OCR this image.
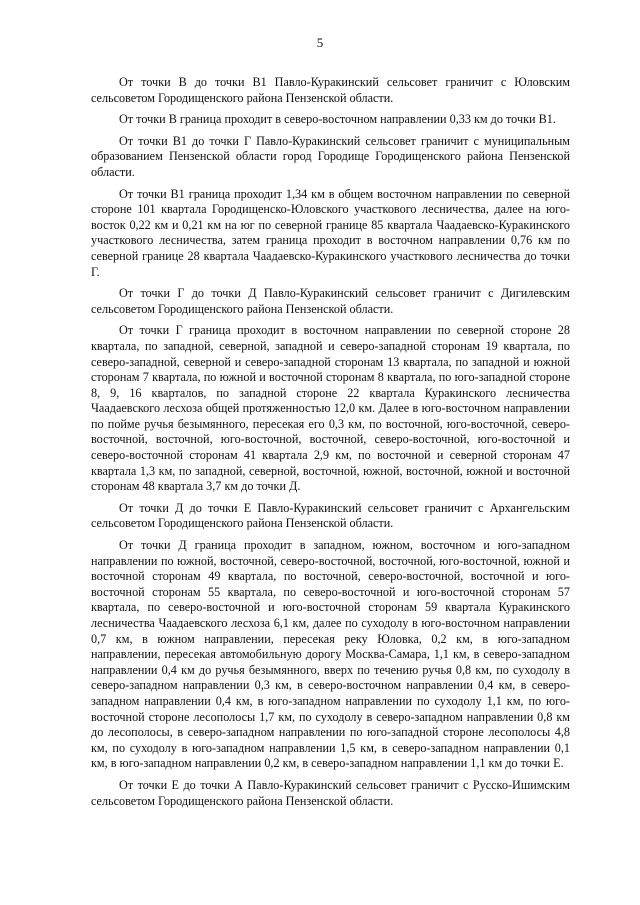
5

От точки В до точки В1 Павло-Куракинский сельсовет граничит с Юловским сельсоветом Городищенского района Пензенской области.

От точки В граница проходит в северо-восточном направлении 0,33 км до точки В1.

От точки В1 до точки Г Павло-Куракинский сельсовет граничит с муниципальным образованием Пензенской области город Городище Городищенского района Пензенской области.

От точки В1 граница проходит 1,34 км в общем восточном направлении по северной стороне 101 квартала Городищенско-Юловского участкового лесничества, далее на юго-восток 0,22 км и 0,21 км на юг по северной границе 85 квартала Чаадаевско-Куракинского участкового лесничества, затем граница проходит в восточном направлении 0,76 км по северной границе 28 квартала Чаадаевско-Куракинского участкового лесничества до точки Г.

От точки Г до точки Д Павло-Куракинский сельсовет граничит с Дигилевским сельсоветом Городищенского района Пензенской области.

От точки Г граница проходит в восточном направлении по северной стороне 28 квартала, по западной, северной, западной и северо-западной сторонам 19 квартала, по северо-западной, северной и северо-западной сторонам 13 квартала, по западной и южной сторонам 7 квартала, по южной и восточной сторонам 8 квартала, по юго-западной стороне 8, 9, 16 кварталов, по западной стороне 22 квартала Куракинского лесничества Чаадаевского лесхоза общей протяженностью 12,0 км. Далее в юго-восточном направлении по пойме ручья безымянного, пересекая его 0,3 км, по восточной, юго-восточной, северо-восточной, восточной, юго-восточной, восточной, северо-восточной, юго-восточной и северо-восточной сторонам 41 квартала 2,9 км, по восточной и северной сторонам 47 квартала 1,3 км, по западной, северной, восточной, южной, восточной, южной и восточной сторонам 48 квартала 3,7 км до точки Д.

От точки Д до точки Е Павло-Куракинский сельсовет граничит с Архангельским сельсоветом Городищенского района Пензенской области.

От точки Д граница проходит в западном, южном, восточном и юго-западном направлении по южной, восточной, северо-восточной, восточной, юго-восточной, южной и восточной сторонам 49 квартала, по восточной, северо-восточной, восточной и юго-восточной сторонам 55 квартала, по северо-восточной и юго-восточной сторонам 57 квартала, по северо-восточной и юго-восточной сторонам 59 квартала Куракинского лесничества Чаадаевского лесхоза 6,1 км, далее по суходолу в юго-восточном направлении 0,7 км, в южном направлении, пересекая реку Юловка, 0,2 км, в юго-западном направлении, пересекая автомобильную дорогу Москва-Самара, 1,1 км, в северо-западном направлении 0,4 км до ручья безымянного, вверх по течению ручья 0,8 км, по суходолу в северо-западном направлении 0,3 км, в северо-восточном направлении 0,4 км, в северо-западном направлении 0,4 км, в юго-западном направлении по суходолу 1,1 км, по юго-восточной стороне лесополосы 1,7 км, по суходолу в северо-западном направлении 0,8 км до лесополосы, в северо-западном направлении по юго-западной стороне лесополосы 4,8 км, по суходолу в юго-западном направлении 1,5 км, в северо-западном направлении 0,1 км, в юго-западном направлении 0,2 км, в северо-западном направлении 1,1 км до точки Е.

От точки Е до точки А Павло-Куракинский сельсовет граничит с Русско-Ишимским сельсоветом Городищенского района Пензенской области.
